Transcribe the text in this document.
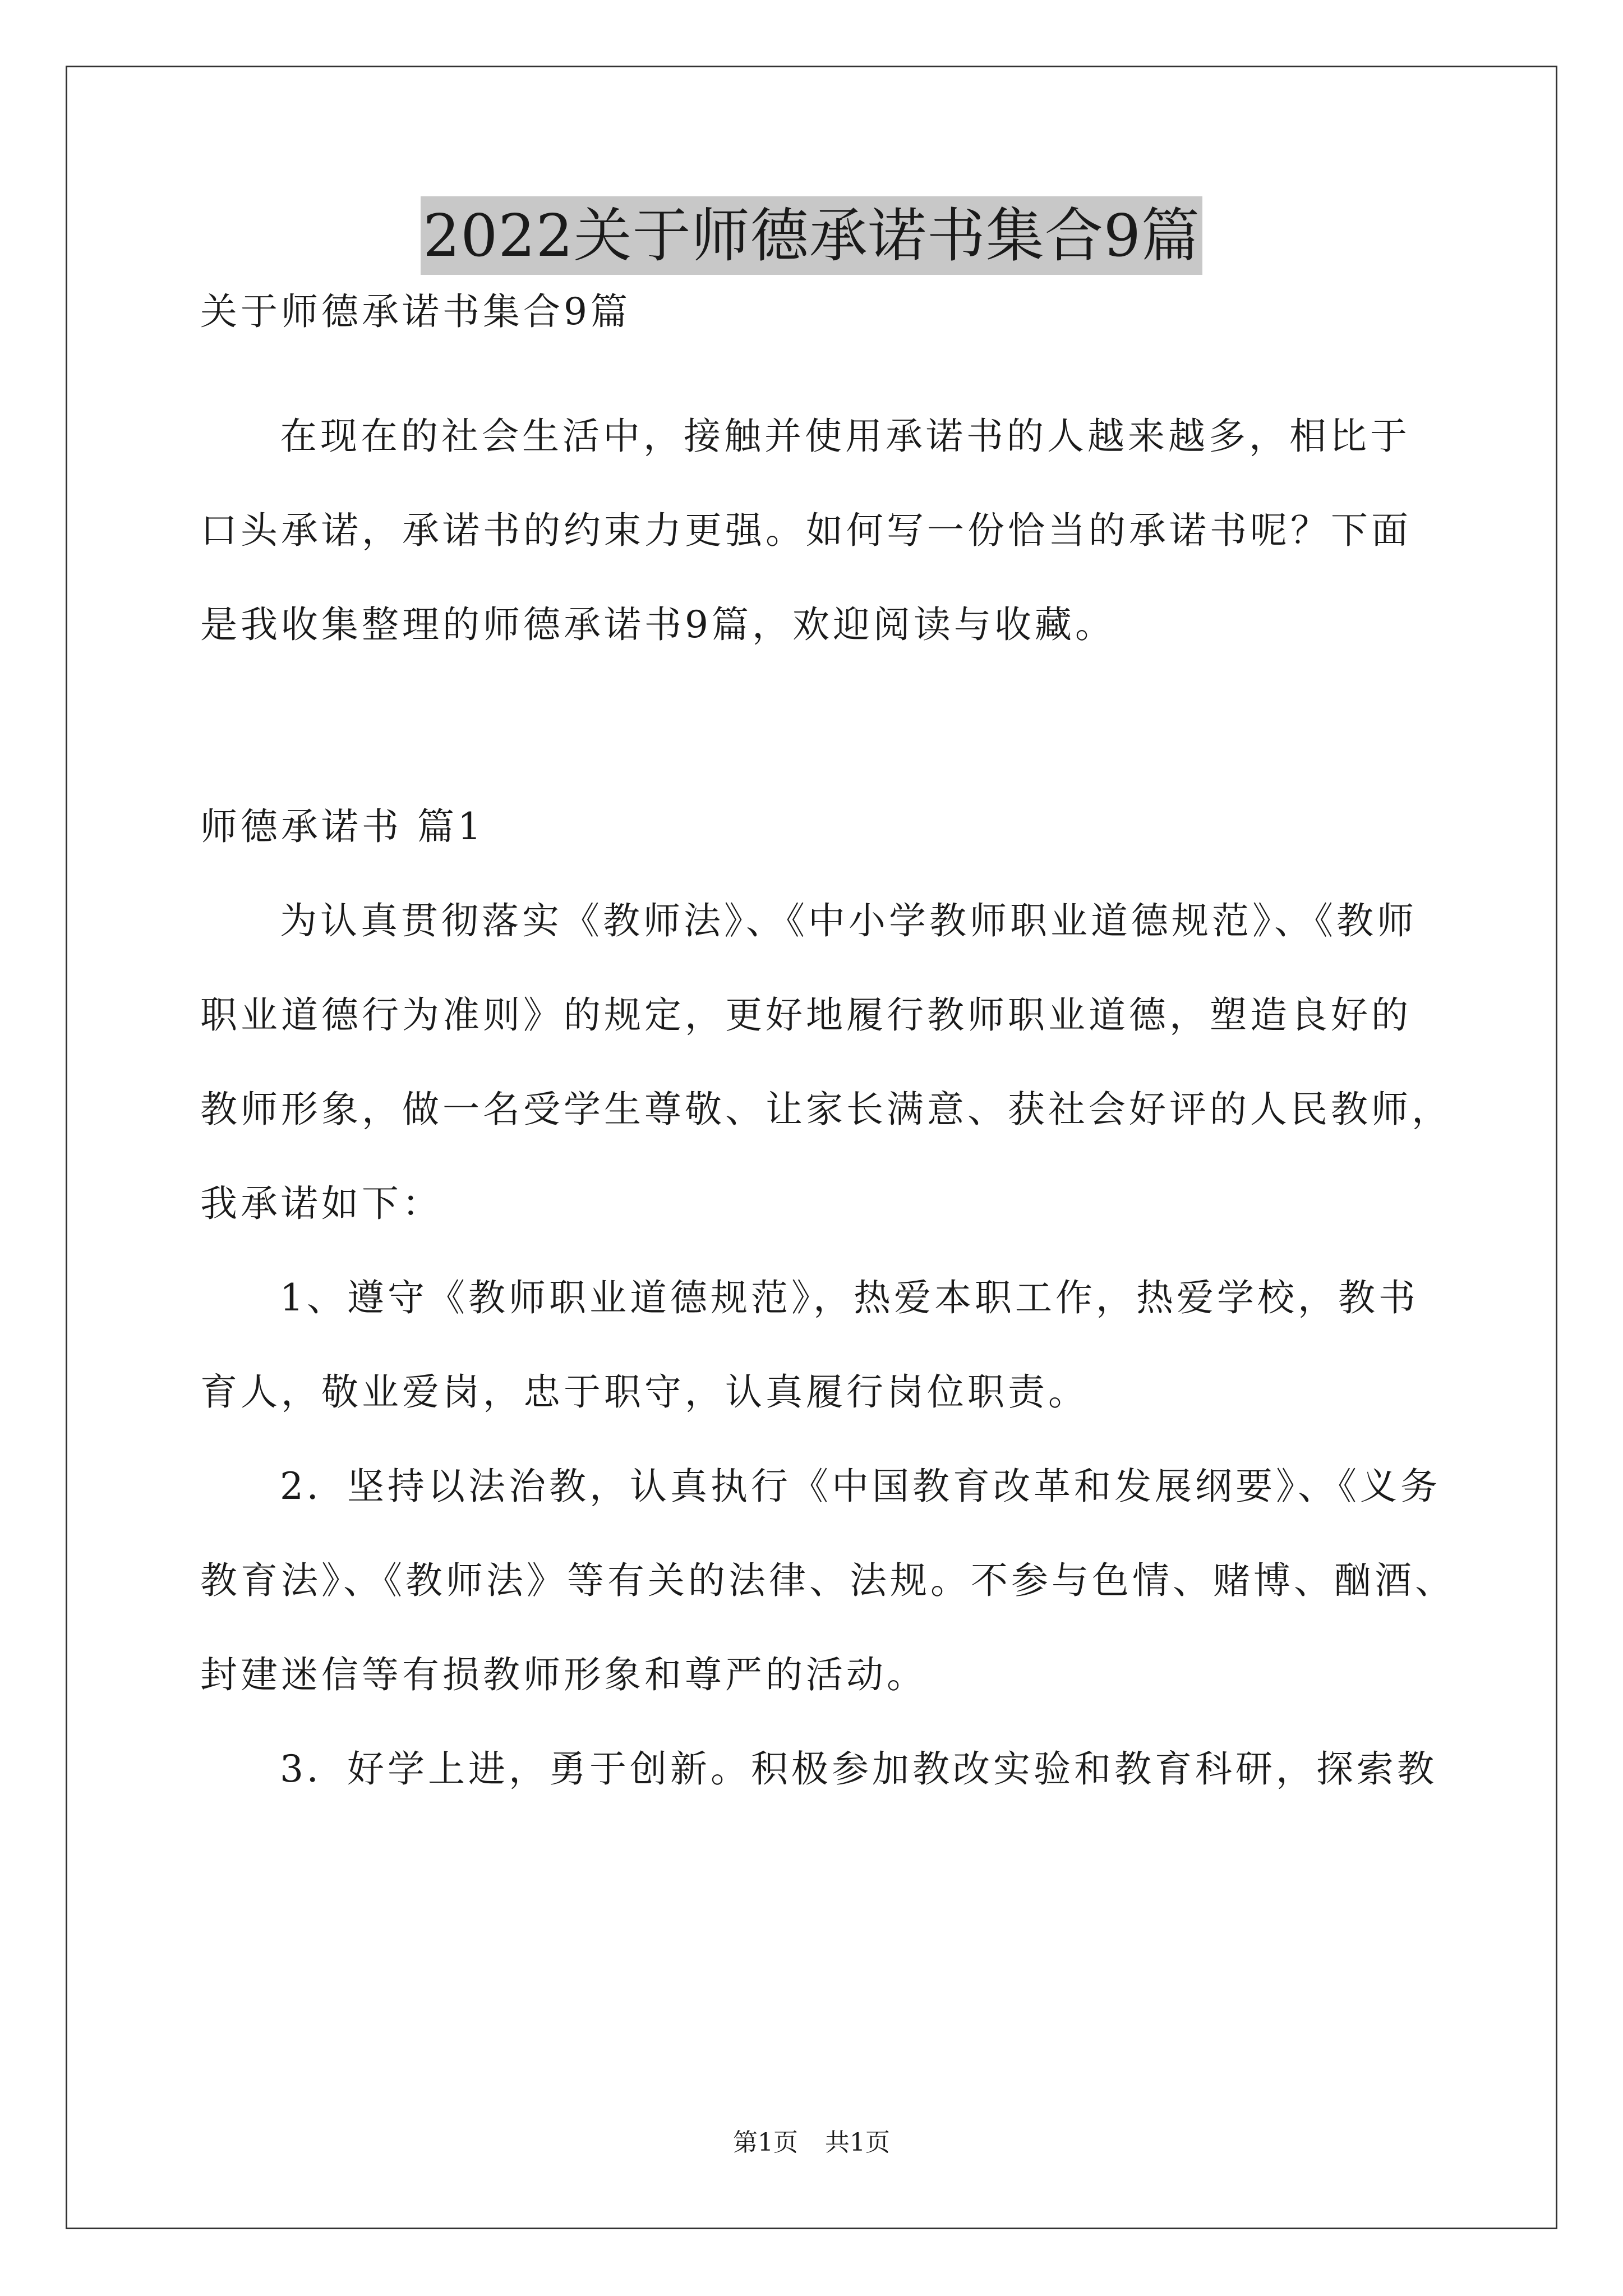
2022关于师德承诺书集合9篇
关于师德承诺书集合9篇
在现在的社会生活中，接触并使用承诺书的人越来越多，相比于
口头承诺，承诺书的约束力更强。如何写一份恰当的承诺书呢？下面
是我收集整理的师德承诺书9篇，欢迎阅读与收藏。
师德承诺书 篇1
为认真贯彻落实《教师法》、《中小学教师职业道德规范》、《教师
职业道德行为准则》的规定，更好地履行教师职业道德，塑造良好的
教师形象，做一名受学生尊敬、让家长满意、获社会好评的人民教师，
我承诺如下：
1、遵守《教师职业道德规范》，热爱本职工作，热爱学校，教书
育人，敬业爱岗，忠于职守，认真履行岗位职责。
2．坚持以法治教，认真执行《中国教育改革和发展纲要》、《义务
教育法》、《教师法》等有关的法律、法规。不参与色情、赌博、酗酒、
封建迷信等有损教师形象和尊严的活动。
3．好学上进，勇于创新。积极参加教改实验和教育科研，探索教
第1页 共1页
